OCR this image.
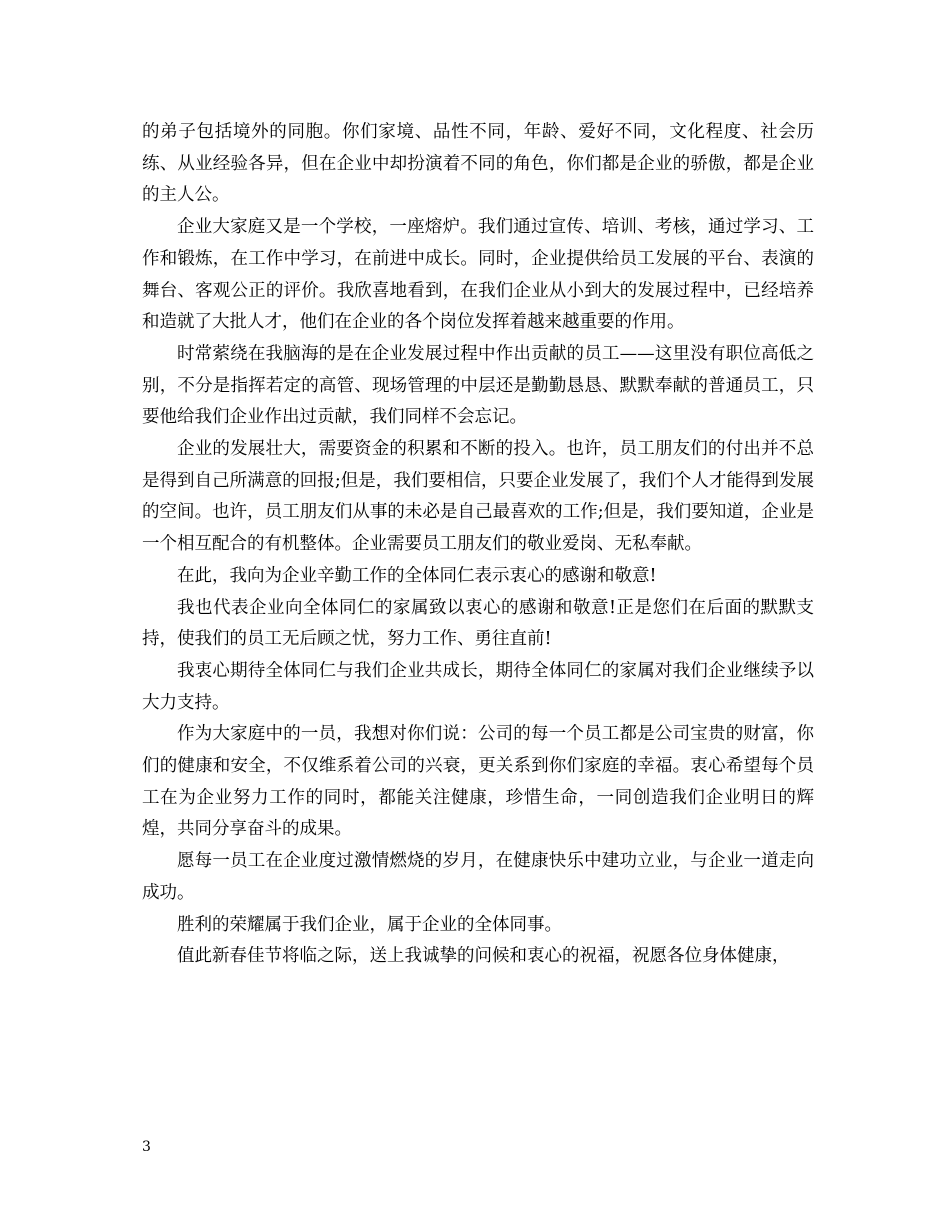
的弟子包括境外的同胞。你们家境、品性不同，年龄、爱好不同，文化程度、社会历练、从业经验各异，但在企业中却扮演着不同的角色，你们都是企业的骄傲，都是企业的主人公。

企业大家庭又是一个学校，一座熔炉。我们通过宣传、培训、考核，通过学习、工作和锻炼，在工作中学习，在前进中成长。同时，企业提供给员工发展的平台、表演的舞台、客观公正的评价。我欣喜地看到，在我们企业从小到大的发展过程中，已经培养和造就了大批人才，他们在企业的各个岗位发挥着越来越重要的作用。

时常萦绕在我脑海的是在企业发展过程中作出贡献的员工——这里没有职位高低之别，不分是指挥若定的高管、现场管理的中层还是勤勤恳恳、默默奉献的普通员工，只要他给我们企业作出过贡献，我们同样不会忘记。

企业的发展壮大，需要资金的积累和不断的投入。也许，员工朋友们的付出并不总是得到自己所满意的回报;但是，我们要相信，只要企业发展了，我们个人才能得到发展的空间。也许，员工朋友们从事的未必是自己最喜欢的工作;但是，我们要知道，企业是一个相互配合的有机整体。企业需要员工朋友们的敬业爱岗、无私奉献。

在此，我向为企业辛勤工作的全体同仁表示衷心的感谢和敬意!

我也代表企业向全体同仁的家属致以衷心的感谢和敬意!正是您们在后面的默默支持，使我们的员工无后顾之忧，努力工作、勇往直前!

我衷心期待全体同仁与我们企业共成长，期待全体同仁的家属对我们企业继续予以大力支持。

作为大家庭中的一员，我想对你们说：公司的每一个员工都是公司宝贵的财富，你们的健康和安全，不仅维系着公司的兴衰，更关系到你们家庭的幸福。衷心希望每个员工在为企业努力工作的同时，都能关注健康，珍惜生命，一同创造我们企业明日的辉煌，共同分享奋斗的成果。

愿每一员工在企业度过激情燃烧的岁月，在健康快乐中建功立业，与企业一道走向成功。

胜利的荣耀属于我们企业，属于企业的全体同事。

值此新春佳节将临之际，送上我诚挚的问候和衷心的祝福，祝愿各位身体健康，

3
